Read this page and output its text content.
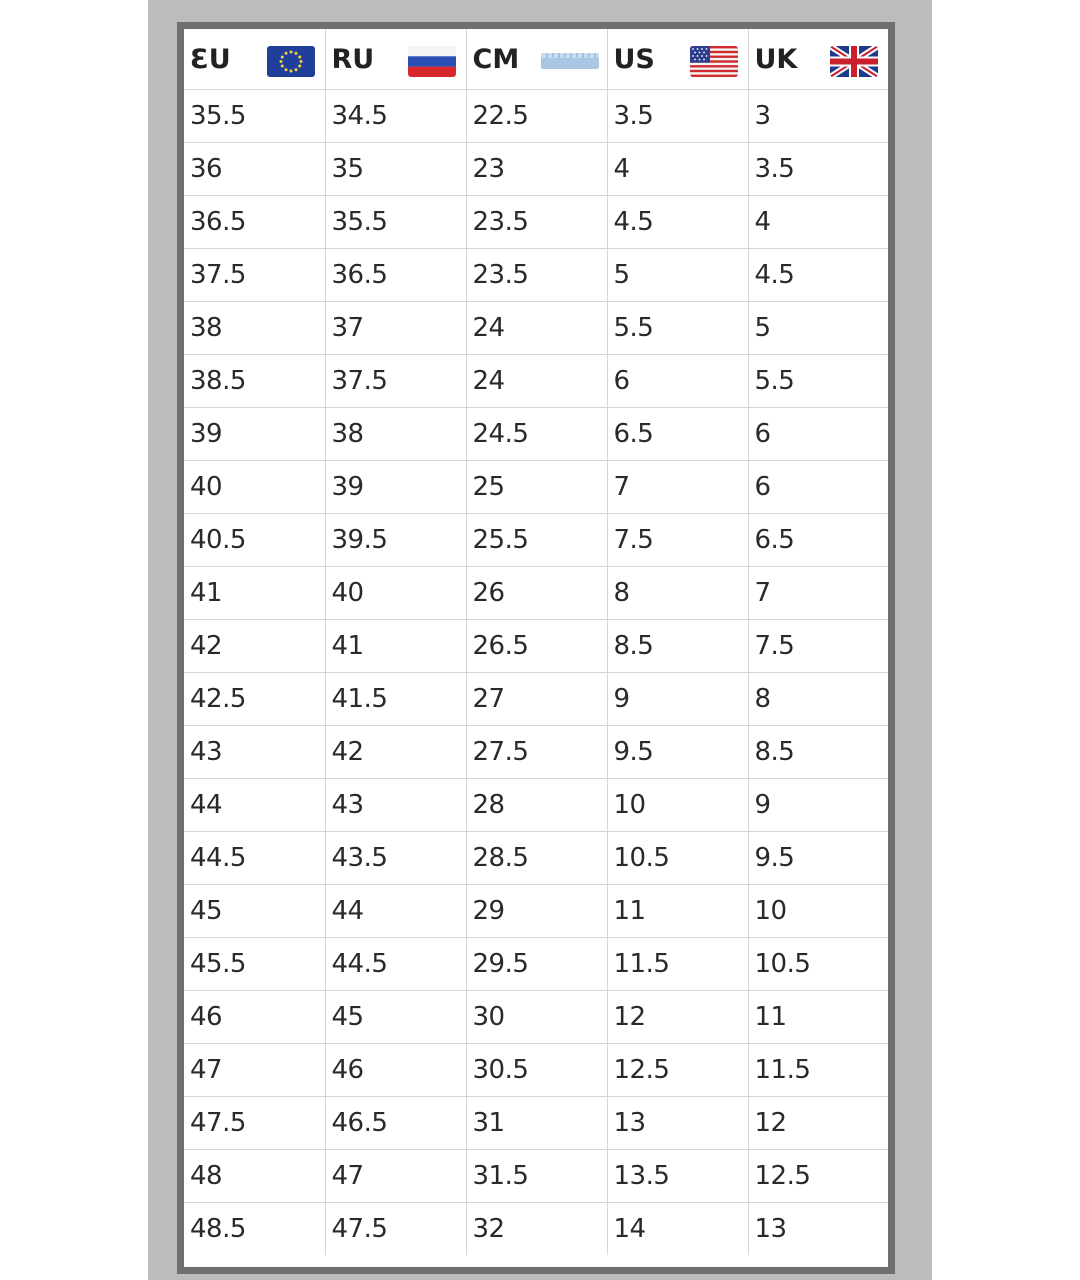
ƐU	RU	CM	US	UK

35.5	34.5	22.5	3.5	3
36	35	23	4	3.5
36.5	35.5	23.5	4.5	4
37.5	36.5	23.5	5	4.5
38	37	24	5.5	5
38.5	37.5	24	6	5.5
39	38	24.5	6.5	6
40	39	25	7	6
40.5	39.5	25.5	7.5	6.5
41	40	26	8	7
42	41	26.5	8.5	7.5
42.5	41.5	27	9	8
43	42	27.5	9.5	8.5
44	43	28	10	9
44.5	43.5	28.5	10.5	9.5
45	44	29	11	10
45.5	44.5	29.5	11.5	10.5
46	45	30	12	11
47	46	30.5	12.5	11.5
47.5	46.5	31	13	12
48	47	31.5	13.5	12.5
48.5	47.5	32	14	13
